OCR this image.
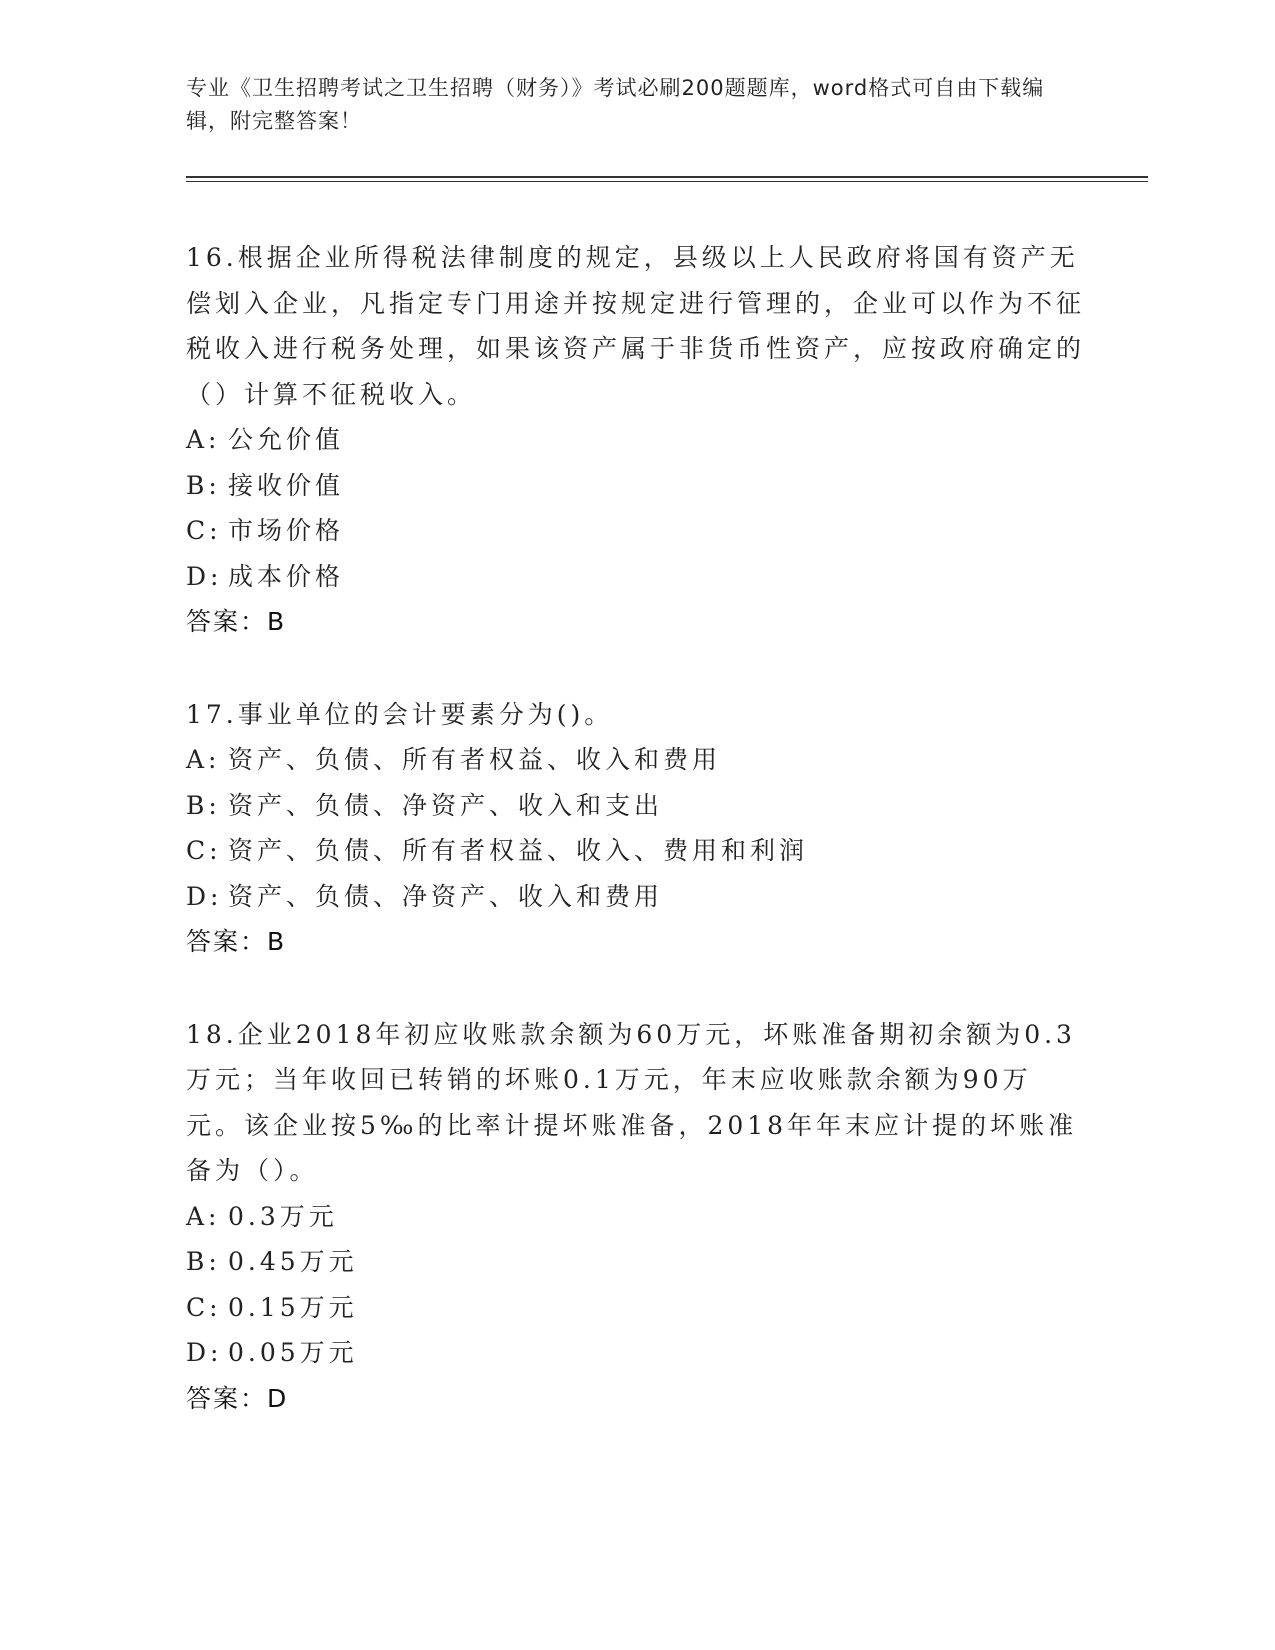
专业《卫生招聘考试之卫生招聘（财务）》考试必刷200题题库，word格式可自由下载编辑，附完整答案！

16.根据企业所得税法律制度的规定，县级以上人民政府将国有资产无偿划入企业，凡指定专门用途并按规定进行管理的，企业可以作为不征税收入进行税务处理，如果该资产属于非货币性资产，应按政府确定的（）计算不征税收入。

A: 公允价值
B: 接收价值
C: 市场价格
D: 成本价格
答案：B

17.事业单位的会计要素分为()。

A: 资产、负债、所有者权益、收入和费用
B: 资产、负债、净资产、收入和支出
C: 资产、负债、所有者权益、收入、费用和利润
D: 资产、负债、净资产、收入和费用
答案：B

18.企业2018年初应收账款余额为60万元，坏账准备期初余额为0.3万元；当年收回已转销的坏账0.1万元，年末应收账款余额为90万元。该企业按5‰的比率计提坏账准备，2018年年末应计提的坏账准备为（）。

A: 0.3万元
B: 0.45万元
C: 0.15万元
D: 0.05万元
答案：D
